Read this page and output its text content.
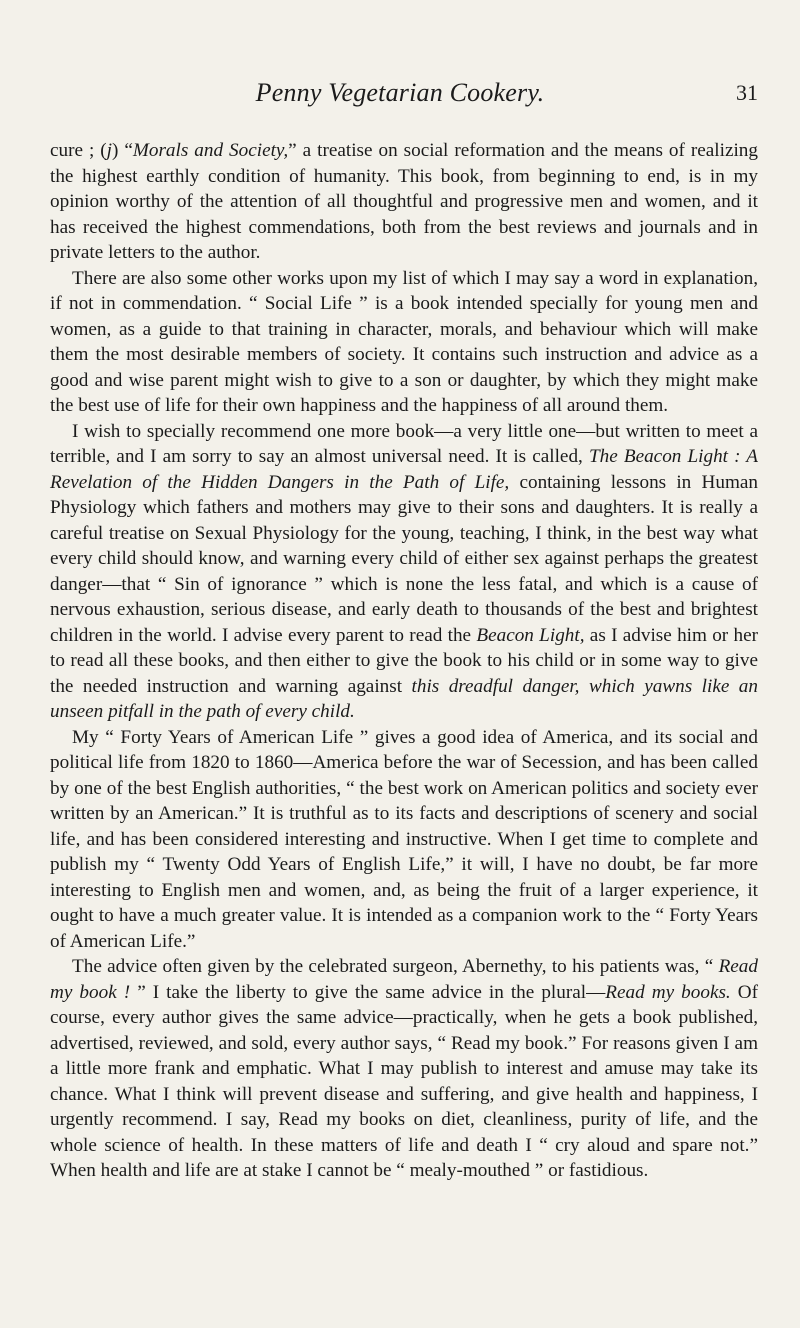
Penny Vegetarian Cookery.	31

cure ; (j) “Morals and Society,” a treatise on social reformation and the means of realizing the highest earthly condition of humanity. This book, from beginning to end, is in my opinion worthy of the attention of all thoughtful and progressive men and women, and it has received the highest commendations, both from the best reviews and journals and in private letters to the author.

There are also some other works upon my list of which I may say a word in explanation, if not in commendation. “ Social Life ” is a book intended specially for young men and women, as a guide to that training in character, morals, and behaviour which will make them the most desirable members of society. It contains such instruction and advice as a good and wise parent might wish to give to a son or daughter, by which they might make the best use of life for their own happiness and the happiness of all around them.

I wish to specially recommend one more book—a very little one—but written to meet a terrible, and I am sorry to say an almost universal need. It is called, The Beacon Light : A Revelation of the Hidden Dangers in the Path of Life, containing lessons in Human Physiology which fathers and mothers may give to their sons and daughters. It is really a careful treatise on Sexual Physiology for the young, teaching, I think, in the best way what every child should know, and warning every child of either sex against perhaps the greatest danger—that “ Sin of ignorance ” which is none the less fatal, and which is a cause of nervous exhaustion, serious disease, and early death to thousands of the best and brightest children in the world. I advise every parent to read the Beacon Light, as I advise him or her to read all these books, and then either to give the book to his child or in some way to give the needed instruction and warning against this dreadful danger, which yawns like an unseen pitfall in the path of every child.

My “ Forty Years of American Life ” gives a good idea of America, and its social and political life from 1820 to 1860—America before the war of Secession, and has been called by one of the best English authorities, “ the best work on American politics and society ever written by an American.” It is truthful as to its facts and descriptions of scenery and social life, and has been considered interesting and instructive. When I get time to complete and publish my “ Twenty Odd Years of English Life,” it will, I have no doubt, be far more interesting to English men and women, and, as being the fruit of a larger experience, it ought to have a much greater value. It is intended as a companion work to the “ Forty Years of American Life.”

The advice often given by the celebrated surgeon, Abernethy, to his patients was, “ Read my book ! ” I take the liberty to give the same advice in the plural—Read my books. Of course, every author gives the same advice—practically, when he gets a book published, advertised, reviewed, and sold, every author says, “ Read my book.” For reasons given I am a little more frank and emphatic. What I may publish to interest and amuse may take its chance. What I think will prevent disease and suffering, and give health and happiness, I urgently recommend. I say, Read my books on diet, cleanliness, purity of life, and the whole science of health. In these matters of life and death I “ cry aloud and spare not.” When health and life are at stake I cannot be “ mealy-mouthed ” or fastidious.
